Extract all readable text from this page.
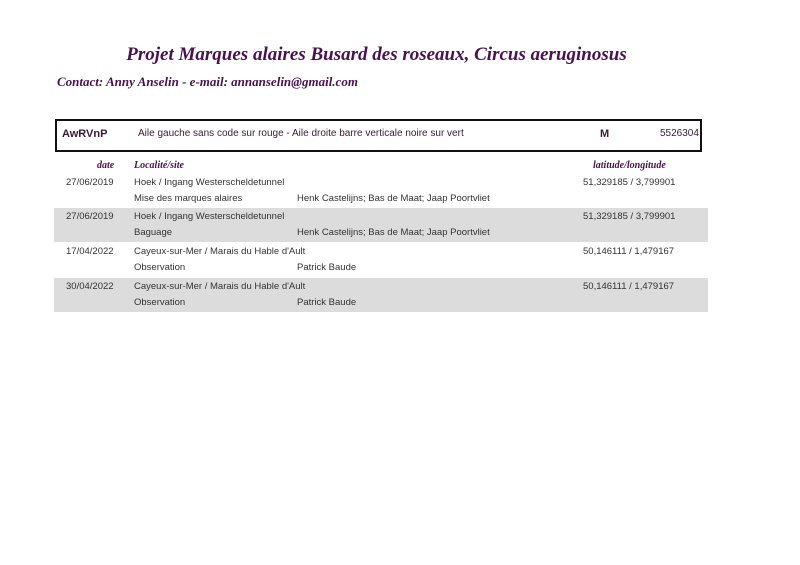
Projet Marques alaires Busard des roseaux, Circus aeruginosus
Contact: Anny Anselin - e-mail: annanselin@gmail.com
AwRVnP	Aile gauche sans code sur rouge - Aile droite barre verticale noire sur vert	M	5526304
date Localité/site	latitude/longitude
27/06/2019 Hoek / Ingang Westerscheldetunnel	51,329185 / 3,799901
Mise des marques alaires	Henk Castelijns; Bas de Maat; Jaap Poortvliet
27/06/2019 Hoek / Ingang Westerscheldetunnel	51,329185 / 3,799901
Baguage	Henk Castelijns; Bas de Maat; Jaap Poortvliet
17/04/2022 Cayeux-sur-Mer / Marais du Hable d'Ault	50,146111 / 1,479167
Observation	Patrick Baude
30/04/2022 Cayeux-sur-Mer / Marais du Hable d'Ault	50,146111 / 1,479167
Observation	Patrick Baude
